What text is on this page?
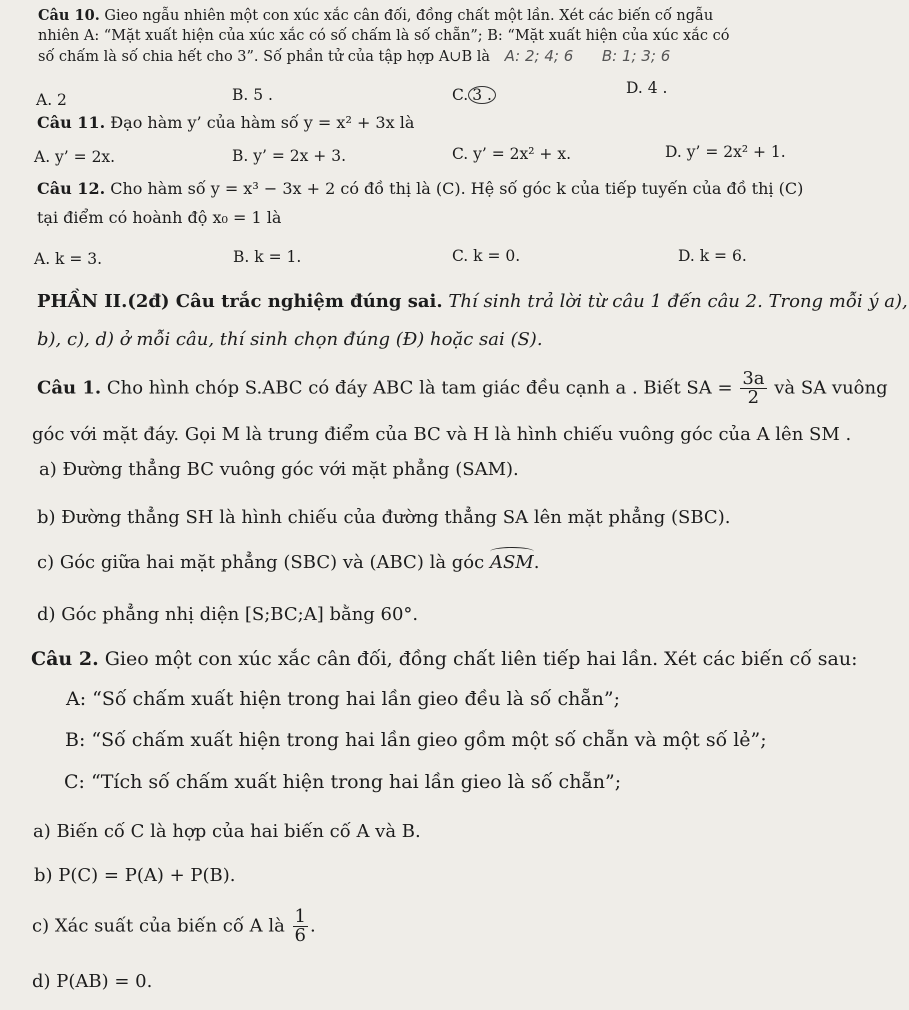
Câu 10. Gieo ngẫu nhiên một con xúc xắc cân đối, đồng chất một lần. Xét các biến cố ngẫu
nhiên A: “Mặt xuất hiện của xúc xắc có số chấm là số chẵn”; B: “Mặt xuất hiện của xúc xắc có
số chấm là số chia hết cho 3”. Số phần tử của tập hợp A∪B là A: 2; 4; 6 B: 1; 3; 6
A. 2	B. 5 .	C. 3 .	D. 4 .
Câu 11. Đạo hàm y’ của hàm số y = x² + 3x là
A. y’ = 2x.	B. y’ = 2x + 3.	C. y’ = 2x² + x.	D. y’ = 2x² + 1.
Câu 12. Cho hàm số y = x³ − 3x + 2 có đồ thị là (C). Hệ số góc k của tiếp tuyến của đồ thị (C)
tại điểm có hoành độ x₀ = 1 là
A. k = 3.	B. k = 1.	C. k = 0.	D. k = 6.
PHẦN II.(2đ) Câu trắc nghiệm đúng sai. Thí sinh trả lời từ câu 1 đến câu 2. Trong mỗi ý a),
b), c), d) ở mỗi câu, thí sinh chọn đúng (Đ) hoặc sai (S).
Câu 1. Cho hình chóp S.ABC có đáy ABC là tam giác đều cạnh a . Biết SA = $\frac{3a}{2}$ và SA vuông
góc với mặt đáy. Gọi M là trung điểm của BC và H là hình chiếu vuông góc của A lên SM .
a) Đường thẳng BC vuông góc với mặt phẳng (SAM).
b) Đường thẳng SH là hình chiếu của đường thẳng SA lên mặt phẳng (SBC).
c) Góc giữa hai mặt phẳng (SBC) và (ABC) là góc ASM.
d) Góc phẳng nhị diện [S;BC;A] bằng 60°.
Câu 2. Gieo một con xúc xắc cân đối, đồng chất liên tiếp hai lần. Xét các biến cố sau:
A: “Số chấm xuất hiện trong hai lần gieo đều là số chẵn”;
B: “Số chấm xuất hiện trong hai lần gieo gồm một số chẵn và một số lẻ”;
C: “Tích số chấm xuất hiện trong hai lần gieo là số chẵn”;
a) Biến cố C là hợp của hai biến cố A và B.
b) P(C) = P(A) + P(B).
c) Xác suất của biến cố A là $\frac{1}{6}$ .
d) P(AB) = 0.
